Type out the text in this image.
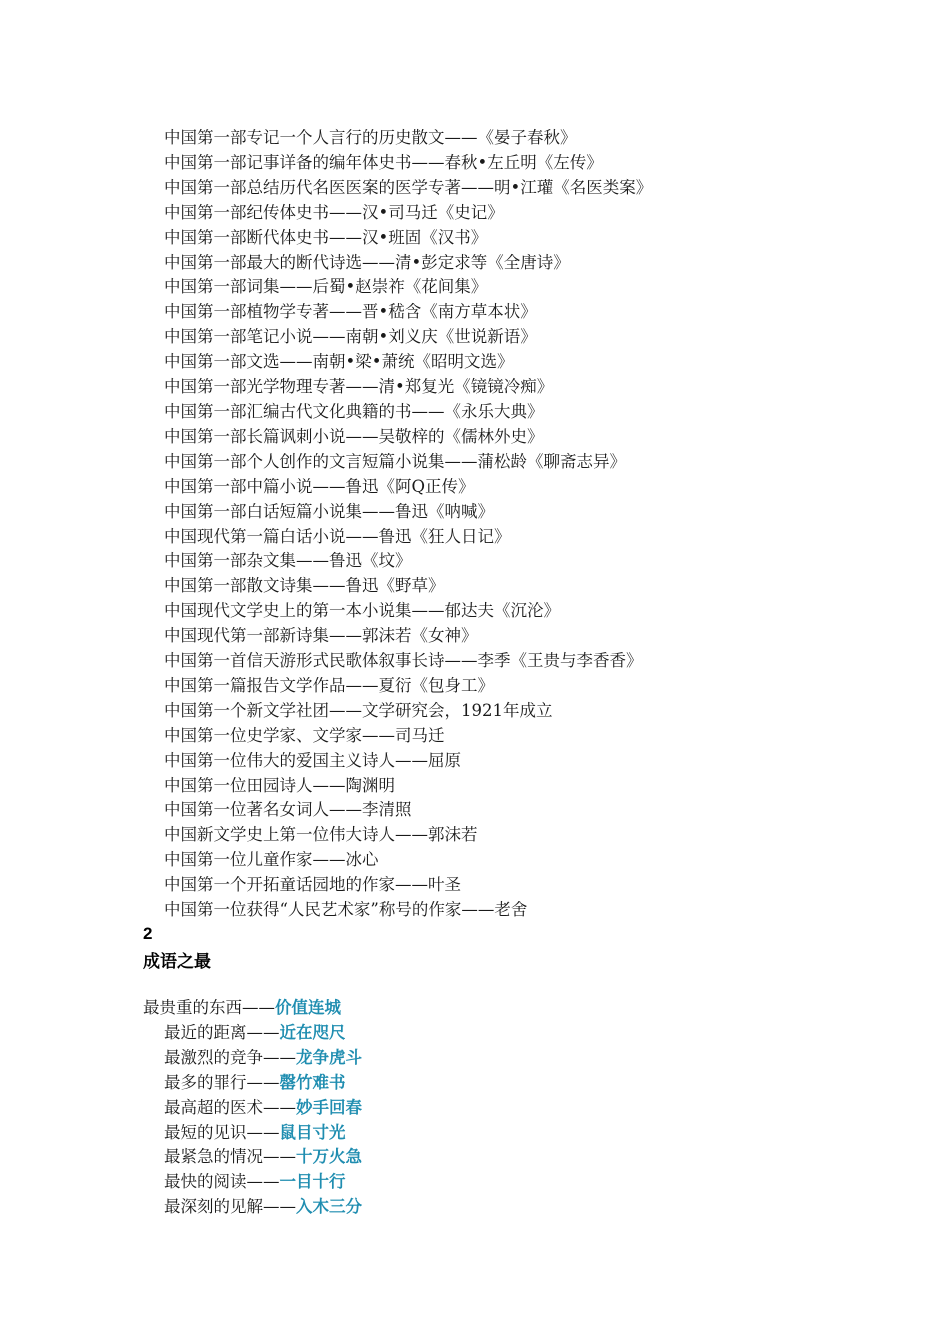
中国第一部专记一个人言行的历史散文——《晏子春秋》
中国第一部记事详备的编年体史书——春秋•左丘明《左传》
中国第一部总结历代名医医案的医学专著——明•江瓘《名医类案》
中国第一部纪传体史书——汉•司马迁《史记》
中国第一部断代体史书——汉•班固《汉书》
中国第一部最大的断代诗选——清•彭定求等《全唐诗》
中国第一部词集——后蜀•赵崇祚《花间集》
中国第一部植物学专著——晋•嵇含《南方草本状》
中国第一部笔记小说——南朝•刘义庆《世说新语》
中国第一部文选——南朝•梁•萧统《昭明文选》
中国第一部光学物理专著——清•郑复光《镜镜冷痴》
中国第一部汇编古代文化典籍的书——《永乐大典》
中国第一部长篇讽刺小说——吴敬梓的《儒林外史》
中国第一部个人创作的文言短篇小说集——蒲松龄《聊斋志异》
中国第一部中篇小说——鲁迅《阿Q正传》
中国第一部白话短篇小说集——鲁迅《呐喊》
中国现代第一篇白话小说——鲁迅《狂人日记》
中国第一部杂文集——鲁迅《坟》
中国第一部散文诗集——鲁迅《野草》
中国现代文学史上的第一本小说集——郁达夫《沉沦》
中国现代第一部新诗集——郭沫若《女神》
中国第一首信天游形式民歌体叙事长诗——李季《王贵与李香香》
中国第一篇报告文学作品——夏衍《包身工》
中国第一个新文学社团——文学研究会，1921年成立
中国第一位史学家、文学家——司马迁
中国第一位伟大的爱国主义诗人——屈原
中国第一位田园诗人——陶渊明
中国第一位著名女词人——李清照
中国新文学史上第一位伟大诗人——郭沫若
中国第一位儿童作家——冰心
中国第一个开拓童话园地的作家——叶圣
中国第一位获得“人民艺术家”称号的作家——老舍
2
成语之最
最贵重的东西——价值连城
最近的距离——近在咫尺
最激烈的竞争——龙争虎斗
最多的罪行——罄竹难书
最高超的医术——妙手回春
最短的见识——鼠目寸光
最紧急的情况——十万火急
最快的阅读——一目十行
最深刻的见解——入木三分
